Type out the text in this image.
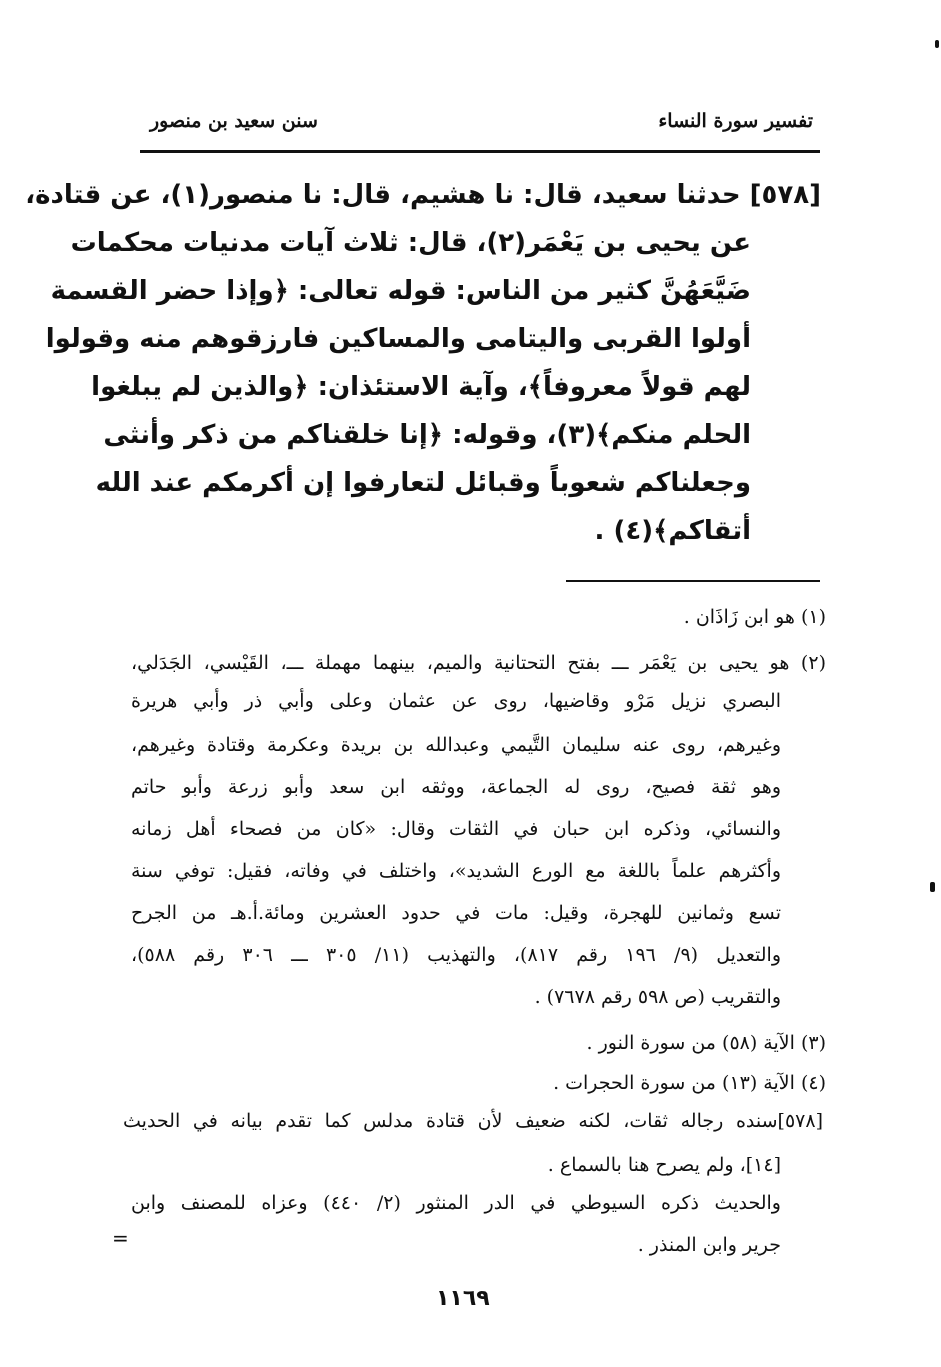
تفسير سورة النساء
سنن سعيد بن منصور
[٥٧٨] حدثنا سعيد، قال: نا هشيم، قال: نا منصور(١)، عن قتادة،
عن يحيى بن يَعْمَر(٢)، قال: ثلاث آيات مدنيات محكمات
ضَيَّعَهُنَّ كثير من الناس: قوله تعالى: ﴿وإذا حضر القسمة
أولوا القربى واليتامى والمساكين فارزقوهم منه وقولوا
لهم قولاً معروفاً﴾، وآية الاستئذان: ﴿والذين لم يبلغوا
الحلم منكم﴾(٣)، وقوله: ﴿إنا خلقناكم من ذكر وأنثى
وجعلناكم شعوباً وقبائل لتعارفوا إن أكرمكم عند الله
أتقاكم﴾(٤) .
(١) هو ابن زَاذَان .
(٢) هو يحيى بن يَعْمَر ـــ بفتح التحتانية والميم، بينهما مهملة ـــ، القَيْسي، الجَدَلي،
البصري نزيل مَرْو وقاضيها، روى عن عثمان وعلى وأبي ذر وأبي هريرة
وغيرهم، روى عنه سليمان التَّيمي وعبدالله بن بريدة وعكرمة وقتادة وغيرهم،
وهو ثقة فصيح، روى له الجماعة، ووثقه ابن سعد وأبو زرعة وأبو حاتم
والنسائي، وذكره ابن حبان في الثقات وقال: «كان من فصحاء أهل زمانه
وأكثرهم علماً باللغة مع الورع الشديد»، واختلف في وفاته، فقيل: توفي سنة
تسع وثمانين للهجرة، وقيل: مات في حدود العشرين ومائة.أ.هـ من الجرح
والتعديل (٩/ ١٩٦ رقم ٨١٧)، والتهذيب (١١/ ٣٠٥ ـــ ٣٠٦ رقم ٥٨٨)،
والتقريب (ص ٥٩٨ رقم ٧٦٧٨) .
(٣) الآية (٥٨) من سورة النور .
(٤) الآية (١٣) من سورة الحجرات .
[٥٧٨]سنده رجاله ثقات، لكنه ضعيف لأن قتادة مدلس كما تقدم بيانه في الحديث
[١٤]، ولم يصرح هنا بالسماع .
والحديث ذكره السيوطي في الدر المنثور (٢/ ٤٤٠) وعزاه للمصنف وابن
جرير وابن المنذر .
=
١١٦٩
